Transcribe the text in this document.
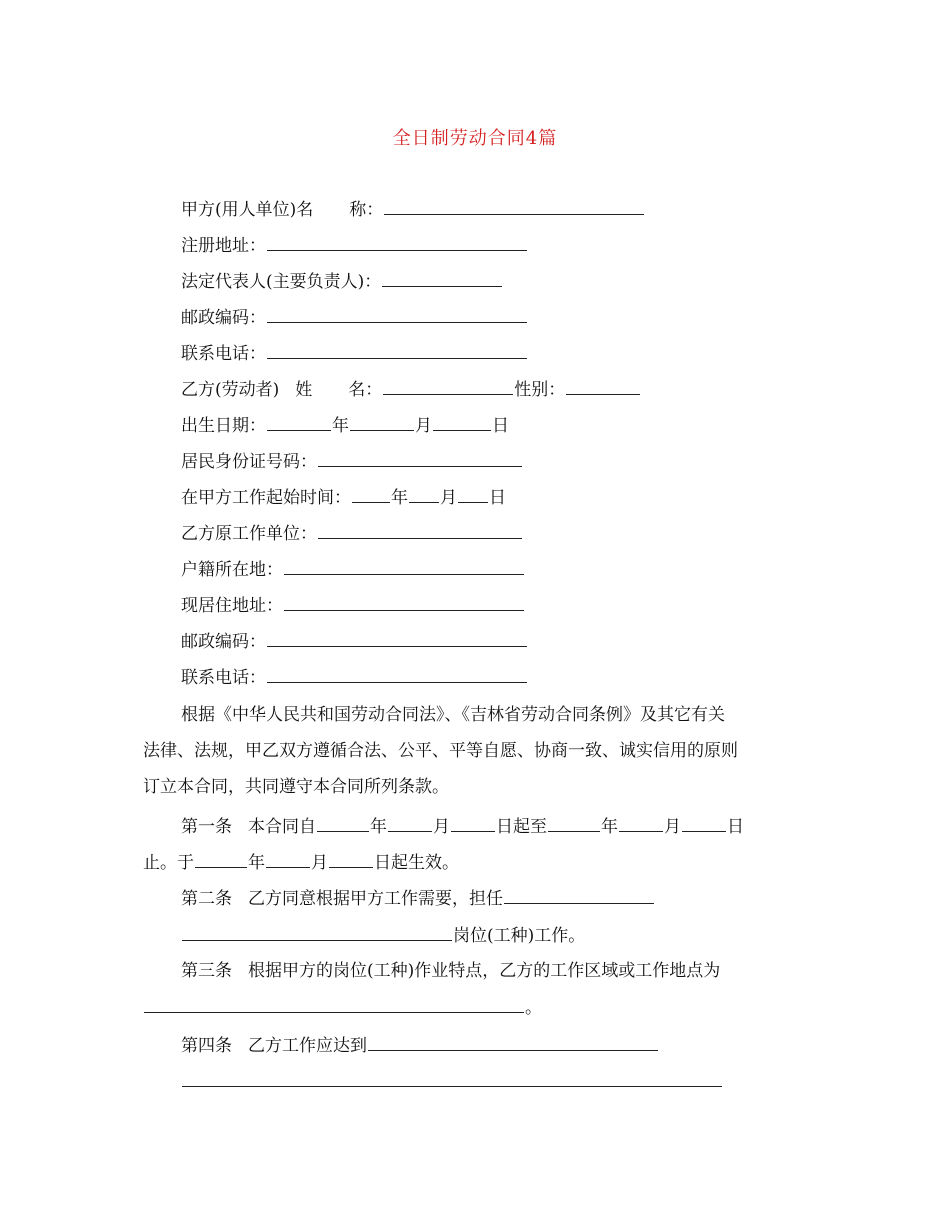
全日制劳动合同4篇
甲方(用人单位)名 称：
注册地址：
法定代表人(主要负责人)：
邮政编码：
联系电话：
乙方(劳动者) 姓 名：	性别：
出生日期：	年	月	日
居民身份证号码：
在甲方工作起始时间： 年 月 日
乙方原工作单位：
户籍所在地：
现居住地址：
邮政编码：
联系电话：
根据《中华人民共和国劳动合同法》、《吉林省劳动合同条例》及其它有关
法律、法规，甲乙双方遵循合法、公平、平等自愿、协商一致、诚实信用的原则
订立本合同，共同遵守本合同所列条款。
第一条 本合同自	年	月	日起至	年	月	日
止。于	年	月	日起生效。
第二条 乙方同意根据甲方工作需要，担任
岗位(工种)工作。
第三条 根据甲方的岗位(工种)作业特点，乙方的工作区域或工作地点为
。
第四条 乙方工作应达到
